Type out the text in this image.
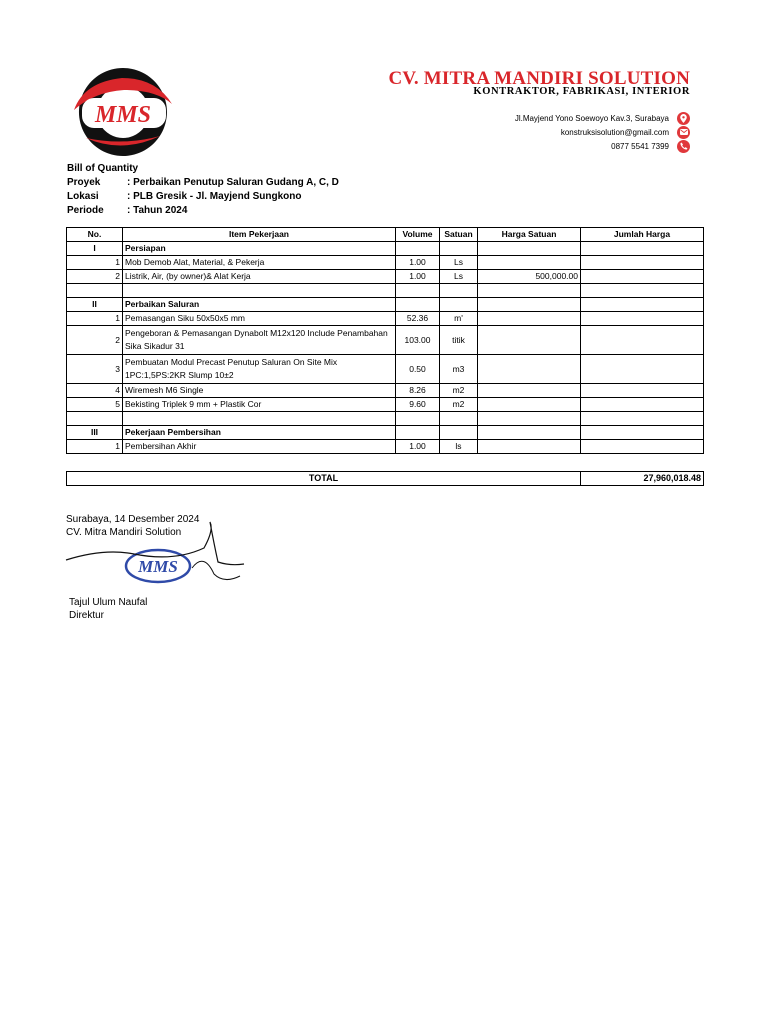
MMS
CV. MITRA MANDIRI SOLUTION
KONTRAKTOR, FABRIKASI, INTERIOR
Jl.Mayjend Yono Soewoyo Kav.3, Surabaya
konstruksisolution@gmail.com
0877 5541 7399
Bill of Quantity
Proyek	: Perbaikan Penutup Saluran Gudang A, C, D
Lokasi	: PLB Gresik - Jl. Mayjend Sungkono
Periode	: Tahun 2024
No.	Item Pekerjaan	Volume	Satuan	Harga Satuan	Jumlah Harga
I	Persiapan				
1	Mob Demob Alat, Material, & Pekerja	1.00	Ls		
2	Listrik, Air, (by owner)& Alat Kerja	1.00	Ls	500,000.00	

II	Perbaikan Saluran				
1	Pemasangan Siku 50x50x5 mm	52.36	m'		
2	Pengeboran & Pemasangan Dynabolt M12x120 Include Penambahan Sika Sikadur 31	103.00	titik		
3	Pembuatan Modul Precast Penutup Saluran On Site Mix 1PC:1,5PS:2KR Slump 10±2	0.50	m3		
4	Wiremesh M6 Single	8.26	m2		
5	Bekisting Triplek 9 mm + Plastik Cor	9.60	m2		

III	Pekerjaan Pembersihan				
1	Pembersihan Akhir	1.00	ls		
TOTAL	27,960,018.48
Surabaya, 14 Desember 2024
CV. Mitra Mandiri Solution
MMS
Tajul Ulum Naufal
Direktur
